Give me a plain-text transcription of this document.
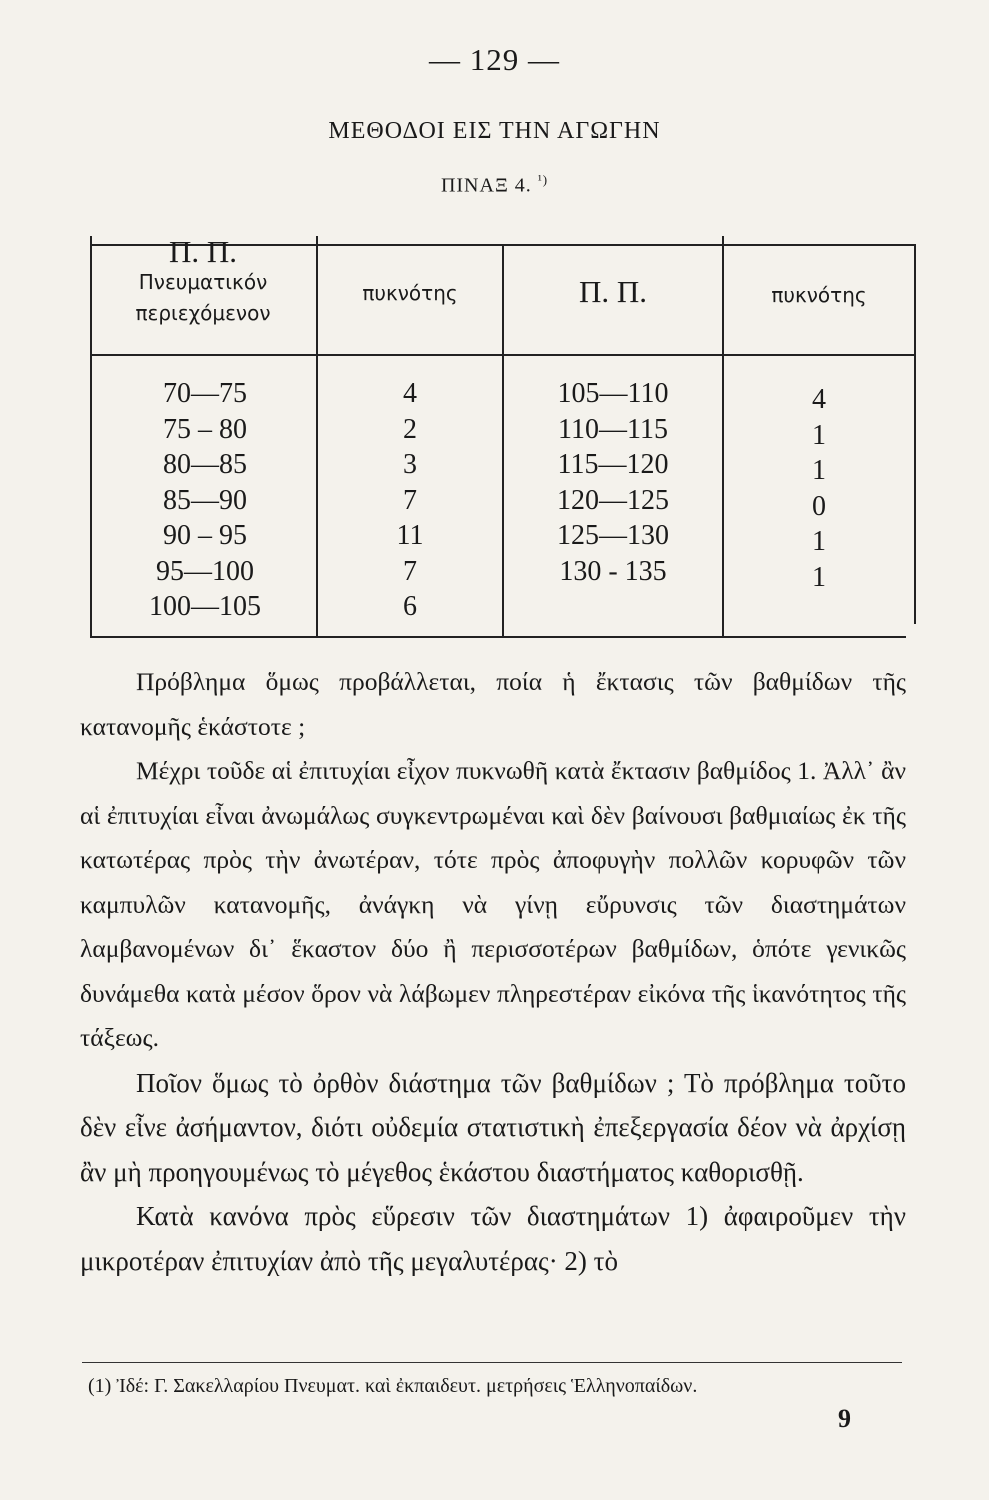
— 129 —
ΜΕΘΟΔΟΙ ΕΙΣ ΤΗΝ ΑΓΩΓΗΝ
ΠΙΝΑΞ 4. $^{^1)}$
Π. Π.
Πνευματικόν
περιεχόμενον
πυκνότης	Π. Π.	πυκνότης
70—75
75 – 80
80—85
85—90
90 – 95
95—100
100—105
4
2
3
7
11
7
6
105—110
110—115
115—120
120—125
125—130
130 - 135
4
1
1
0
1
1

Πρόβλημα ὅμως προβάλλεται, ποία ἡ ἔκτασις τῶν βαθμίδων τῆς κατανομῆς ἑκάστοτε ;

Μέχρι τοῦδε αἱ ἐπιτυχίαι εἶχον πυκνωθῆ κατὰ ἔκτασιν βαθμίδος 1. Ἀλλ᾽ ἂν αἱ ἐπιτυχίαι εἶναι ἀνωμάλως συγκεντρωμέναι καὶ δὲν βαίνουσι βαθμιαίως ἐκ τῆς κατωτέρας πρὸς τὴν ἀνωτέραν, τότε πρὸς ἀποφυγὴν πολλῶν κορυφῶν τῶν καμπυλῶν κατανομῆς, ἀνάγκη νὰ γίνῃ εὔρυνσις τῶν διαστημάτων λαμβανομένων δι᾽ ἕκαστον δύο ἢ περισσοτέρων βαθμίδων, ὁπότε γενικῶς δυνάμεθα κατὰ μέσον ὅρον νὰ λάβωμεν πληρεστέραν εἰκόνα τῆς ἱκανότητος τῆς τάξεως.

Ποῖον ὅμως τὸ ὀρθὸν διάστημα τῶν βαθμίδων ; Τὸ πρόβλημα τοῦτο δὲν εἶνε ἀσήμαντον, διότι οὐδεμία στατιστικὴ ἐπεξεργασία δέον νὰ ἀρχίσῃ ἂν μὴ προηγουμένως τὸ μέγεθος ἑκάστου διαστήματος καθορισθῇ.

Κατὰ κανόνα πρὸς εὕρεσιν τῶν διαστημάτων 1) ἀφαιροῦμεν τὴν μικροτέραν ἐπιτυχίαν ἀπὸ τῆς μεγαλυτέρας· 2) τὸ

(1) Ἰδέ: Γ. Σακελλαρίου Πνευματ. καὶ ἐκπαιδευτ. μετρήσεις Ἑλληνοπαίδων.
9
